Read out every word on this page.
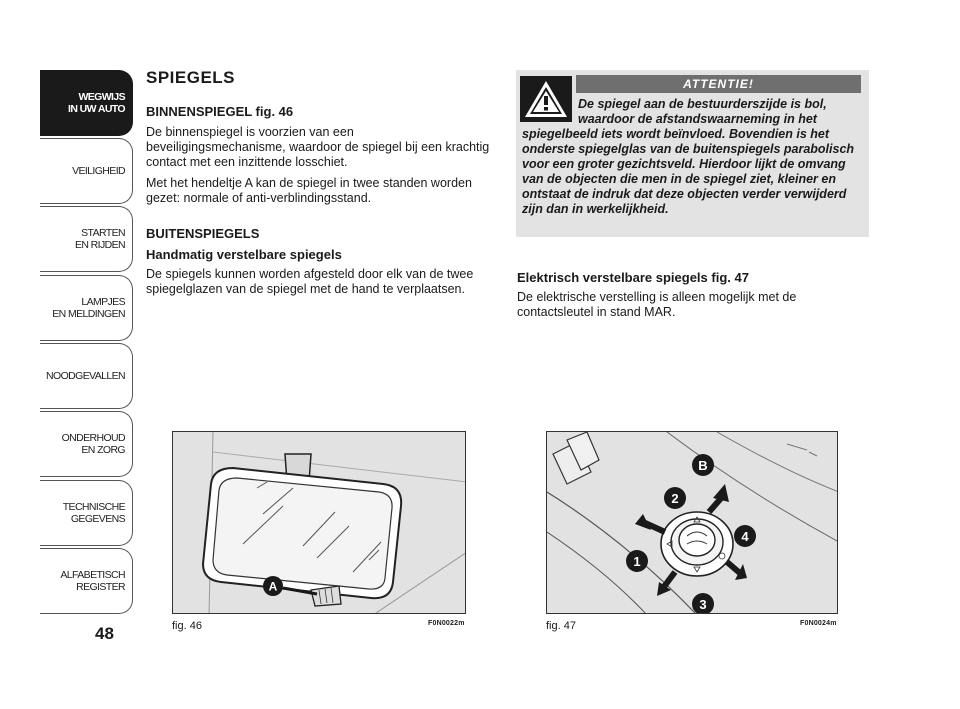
WEGWIJS
IN UW AUTO
VEILIGHEID
STARTEN
EN RIJDEN
LAMPJES
EN MELDINGEN
NOODGEVALLEN
ONDERHOUD
EN ZORG
TECHNISCHE
GEGEVENS
ALFABETISCH
REGISTER
48
SPIEGELS
BINNENSPIEGEL fig. 46

De binnenspiegel is voorzien van een beveiligingsmechanisme, waardoor de spiegel bij een krachtig contact met een inzittende losschiet.

Met het hendeltje A kan de spiegel in twee standen worden gezet: normale of anti-verblindingsstand.

BUITENSPIEGELS
Handmatig verstelbare spiegels

De spiegels kunnen worden afgesteld door elk van de twee spiegelglazen van de spiegel met de hand te verplaatsen.

ATTENTIE!
De spiegel aan de bestuurderszijde is bol, waardoor de afstandswaarneming in het spiegelbeeld iets wordt beïnvloed. Bovendien is het onderste spiegelglas van de buitenspiegels parabolisch voor een groter gezichtsveld. Hierdoor lijkt de omvang van de objecten die men in de spiegel ziet, kleiner en ontstaat de indruk dat deze objecten verder verwijderd zijn dan in werkelijkheid.
Elektrisch verstelbare spiegels fig. 47

De elektrische verstelling is alleen mogelijk met de contactsleutel in stand MAR.

A
fig. 46	F0N0022m
2
B
4
1
3
fig. 47	F0N0024m
